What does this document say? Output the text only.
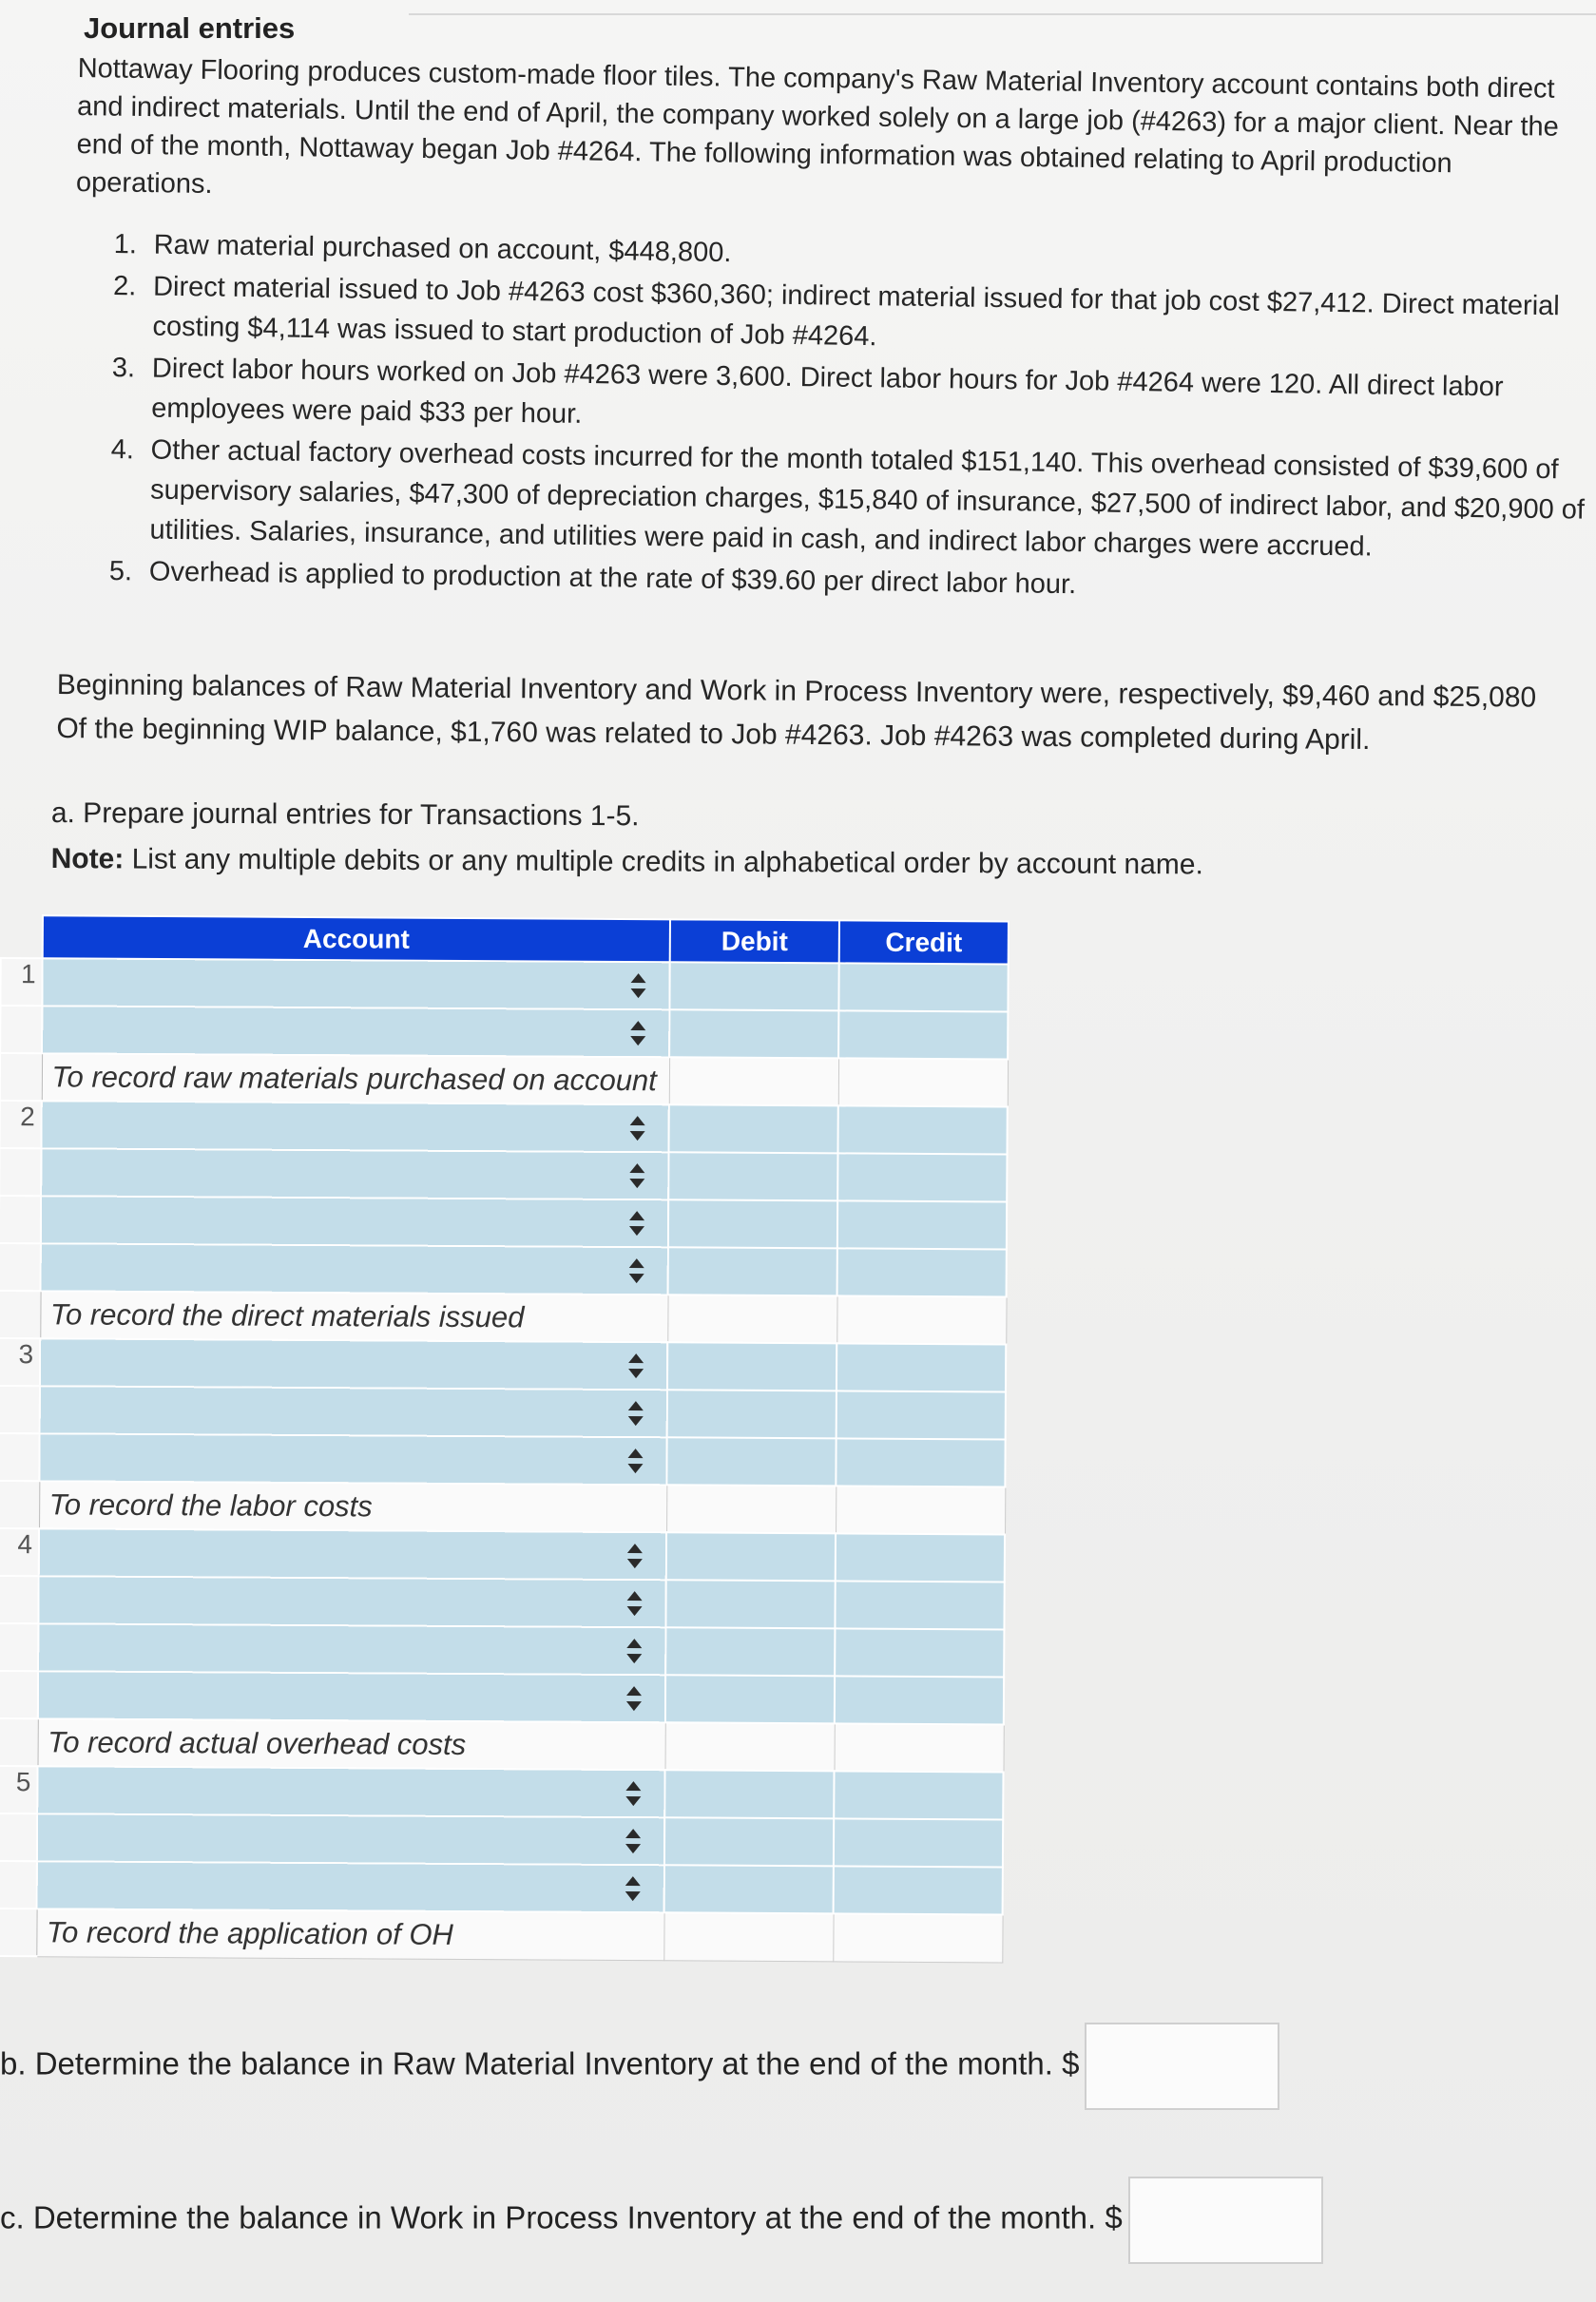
Journal entries
Nottaway Flooring produces custom-made floor tiles. The company's Raw Material Inventory account contains both direct and indirect materials. Until the end of April, the company worked solely on a large job (#4263) for a major client. Near the end of the month, Nottaway began Job #4264. The following information was obtained relating to April production operations.
1. Raw material purchased on account, $448,800.
2. Direct material issued to Job #4263 cost $360,360; indirect material issued for that job cost $27,412. Direct material costing $4,114 was issued to start production of Job #4264.
3. Direct labor hours worked on Job #4263 were 3,600. Direct labor hours for Job #4264 were 120. All direct labor employees were paid $33 per hour.
4. Other actual factory overhead costs incurred for the month totaled $151,140. This overhead consisted of $39,600 of supervisory salaries, $47,300 of depreciation charges, $15,840 of insurance, $27,500 of indirect labor, and $20,900 of utilities. Salaries, insurance, and utilities were paid in cash, and indirect labor charges were accrued.
5. Overhead is applied to production at the rate of $39.60 per direct labor hour.
Beginning balances of Raw Material Inventory and Work in Process Inventory were, respectively, $9,460 and $25,080
Of the beginning WIP balance, $1,760 was related to Job #4263. Job #4263 was completed during April.
a. Prepare journal entries for Transactions 1-5.
Note: List any multiple debits or any multiple credits in alphabetical order by account name.
	Account	Debit	Credit
1	

	To record raw materials purchased on account		
2	

	To record the direct materials issued		
3	

	To record the labor costs		
4	

	To record actual overhead costs		
5	

	To record the application of OH		
b. Determine the balance in Raw Material Inventory at the end of the month. $
c. Determine the balance in Work in Process Inventory at the end of the month. $
